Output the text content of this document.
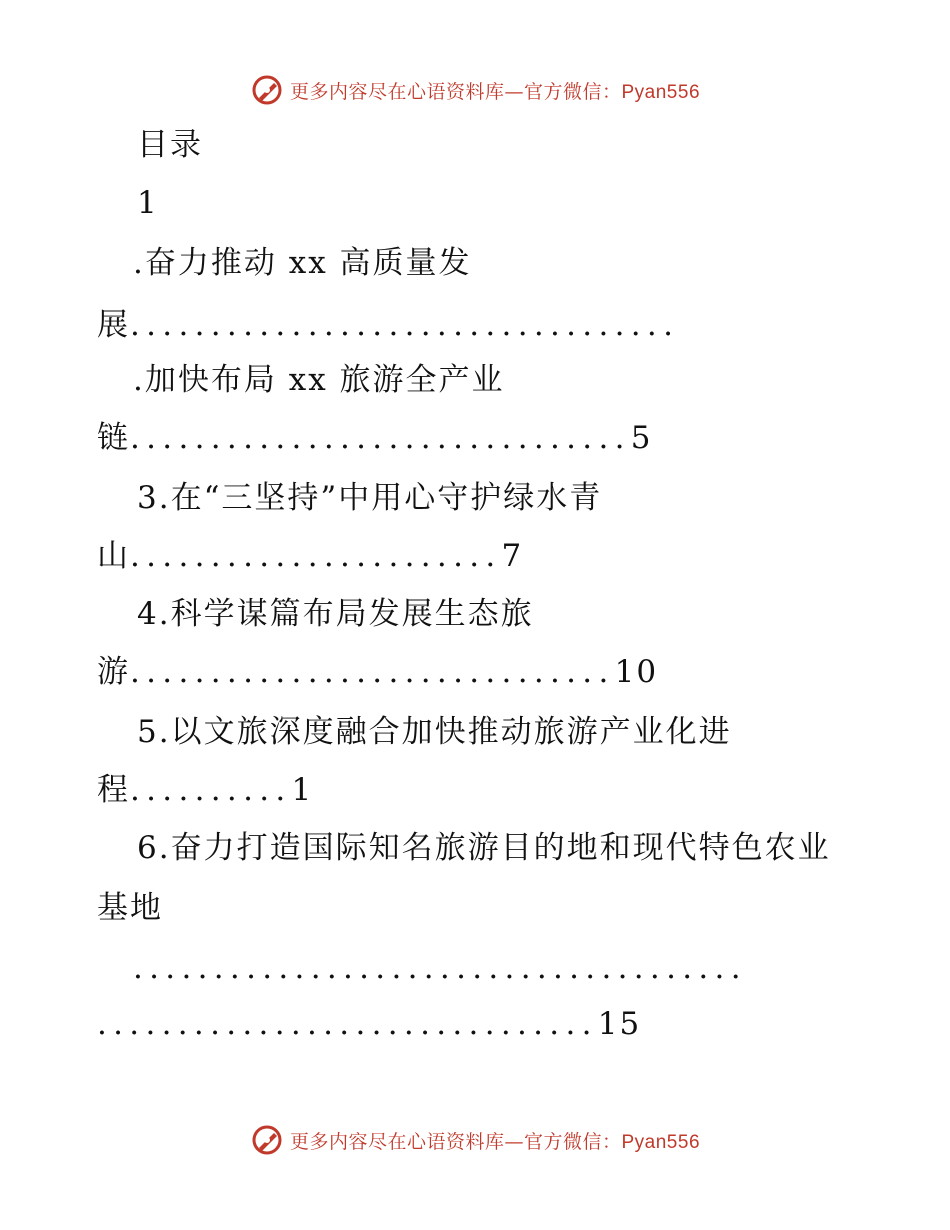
更多内容尽在心语资料库—官方微信：Pyan556
目录
1
.奋力推动 xx 高质量发
展..................................
.加快布局 xx 旅游全产业
链...............................5
3.在“三坚持”中用心守护绿水青
山.......................7
4.科学谋篇布局发展生态旅
游..............................10
5.以文旅深度融合加快推动旅游产业化进
程..........1
6.奋力打造国际知名旅游目的地和现代特色农业
基地
......................................
...............................15
更多内容尽在心语资料库—官方微信：Pyan556
